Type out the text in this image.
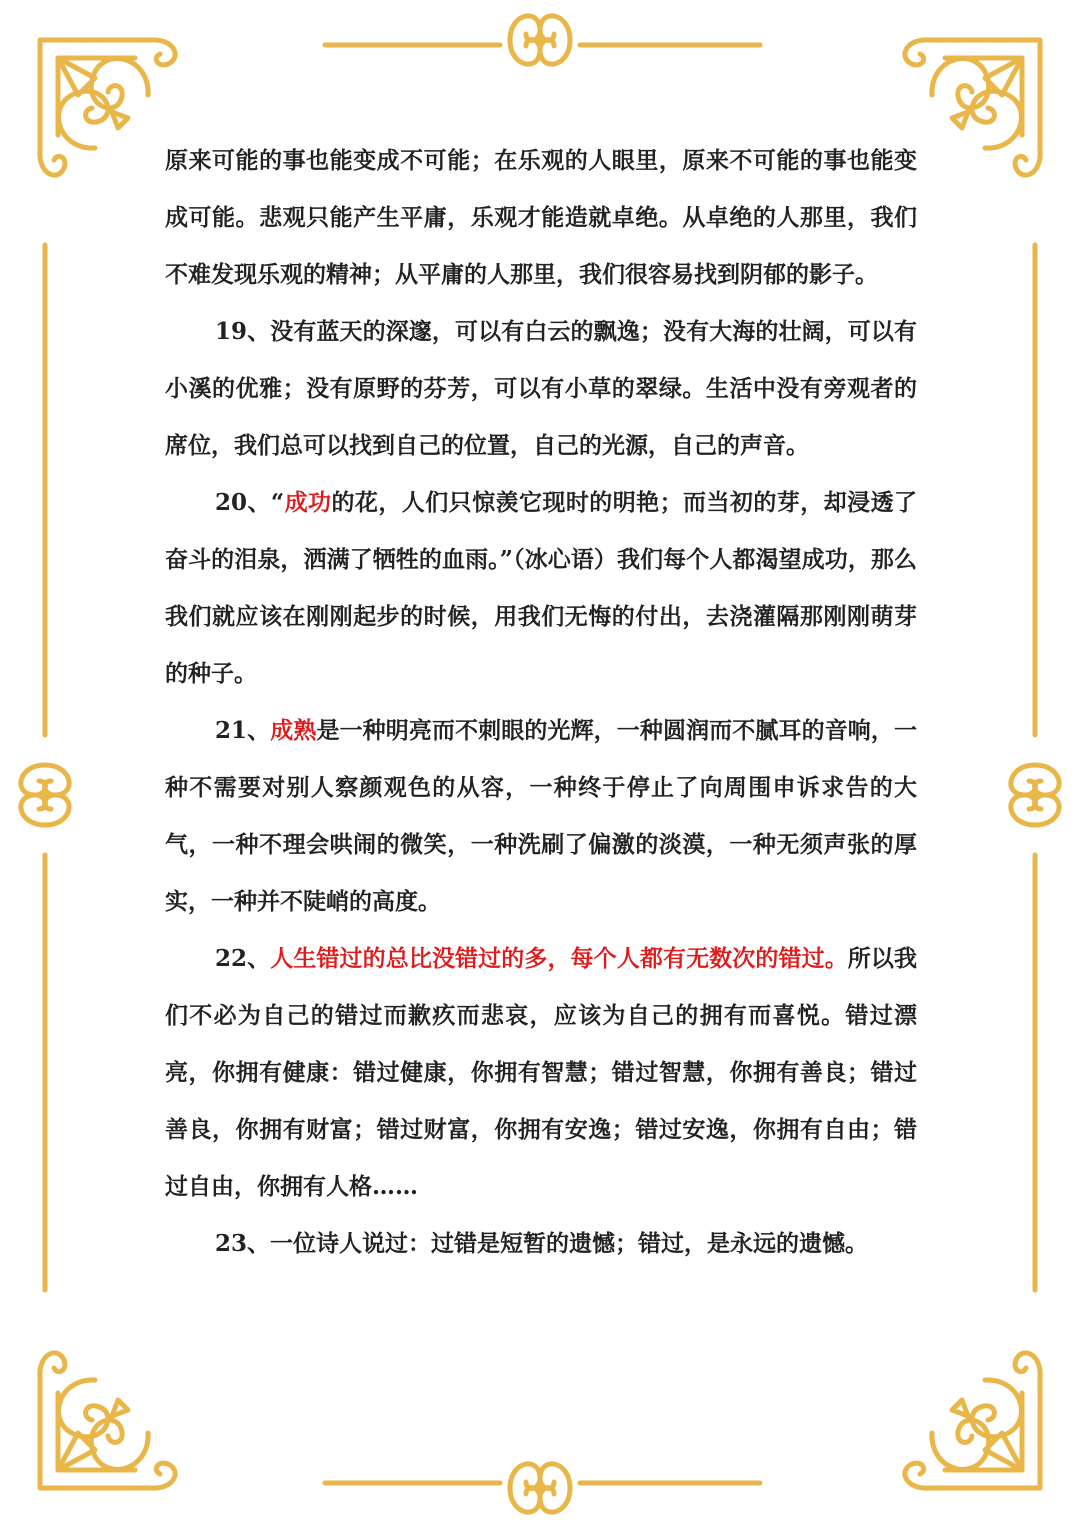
原来可能的事也能变成不可能；在乐观的人眼里，原来不可能的事也能变成可能。悲观只能产生平庸，乐观才能造就卓绝。从卓绝的人那里，我们不难发现乐观的精神；从平庸的人那里，我们很容易找到阴郁的影子。

19、没有蓝天的深邃，可以有白云的飘逸；没有大海的壮阔，可以有小溪的优雅；没有原野的芬芳，可以有小草的翠绿。生活中没有旁观者的席位，我们总可以找到自己的位置，自己的光源，自己的声音。

20、“成功的花，人们只惊羡它现时的明艳；而当初的芽，却浸透了奋斗的泪泉，洒满了牺牲的血雨。”（冰心语）我们每个人都渴望成功，那么我们就应该在刚刚起步的时候，用我们无悔的付出，去浇灌隔那刚刚萌芽的种子。

21、成熟是一种明亮而不刺眼的光辉，一种圆润而不腻耳的音响，一种不需要对别人察颜观色的从容，一种终于停止了向周围申诉求告的大气，一种不理会哄闹的微笑，一种洗刷了偏激的淡漠，一种无须声张的厚实，一种并不陡峭的高度。

22、人生错过的总比没错过的多，每个人都有无数次的错过。所以我们不必为自己的错过而歉疚而悲哀，应该为自己的拥有而喜悦。错过漂亮，你拥有健康：错过健康，你拥有智慧；错过智慧，你拥有善良；错过善良，你拥有财富；错过财富，你拥有安逸；错过安逸，你拥有自由；错过自由，你拥有人格……

23、一位诗人说过：过错是短暂的遗憾；错过，是永远的遗憾。
